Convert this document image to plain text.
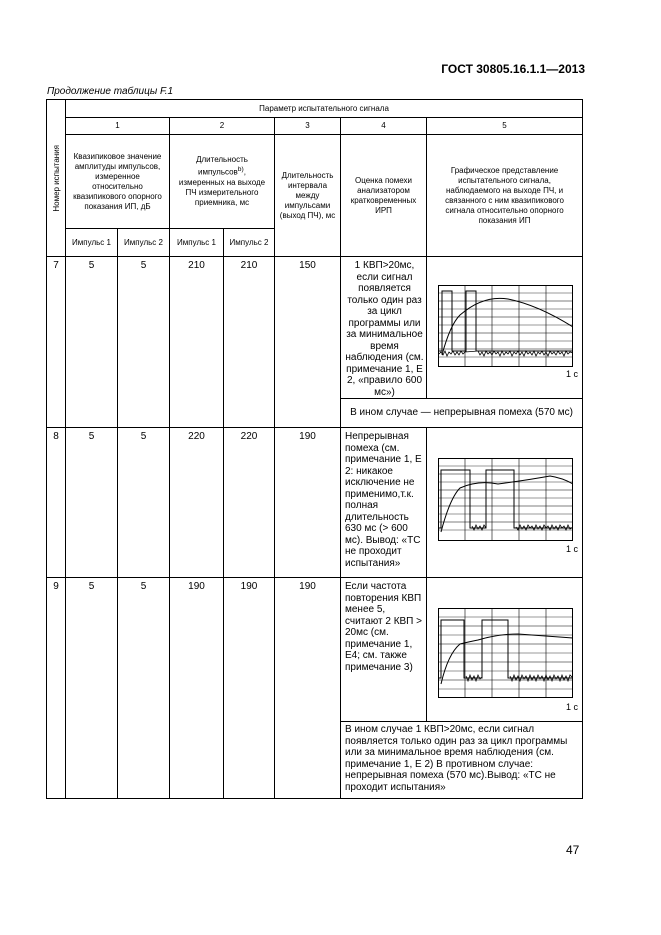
ГОСТ 30805.16.1.1—2013
Продолжение таблицы F.1
Номер испытания	Параметр испытательного сигнала						
	1		2		3	4	5
	Квазипиковое значение амплитуды импульсов, измеренное относительно квазипикового опорного показания ИП, дБ		Длительность импульсов$^{b)}$, измеренных на выходе ПЧ измерительного приемника, мс		Длительность интервала между импульсами (выход ПЧ), мс	Оценка помехи анализатором кратковременных ИРП	Графическое представление испытательного сигнала, наблюдаемого на выходе ПЧ, и связанного с ним квазипикового сигнала относительно опорного показания ИП
	Импульс 1	Импульс 2	Импульс 1	Импульс 2			
7	5	5	210	210	150	1 КВП>20мс, если сигнал появляется только один раз за цикл программы или за минимальное время наблюдения (см. примечание 1, Е 2, «правило 600 мс»)	1 с

						В ином случае — непрерывная помеха (570 мс)	
8	5	5	220	220	190	Непрерывная помеха (см. примечание 1, Е 2: никакое исключение не применимо,т.к. полная длительность 630 мс (> 600 мс). Вывод: «ТС не проходит испытания»	1 с

9	5	5	190	190	190	Если частота повторения КВП менее 5, считают 2 КВП > 20мс (см. примечание 1, Е4; см. также примечание 3)	1 с

						В ином случае 1 КВП>20мс, если сигнал появляется только один раз за цикл программы или за минимальное время наблюдения (см. примечание 1, Е 2) В противном случае: непрерывная помеха (570 мс).Вывод: «ТС не проходит испытания»	
47
